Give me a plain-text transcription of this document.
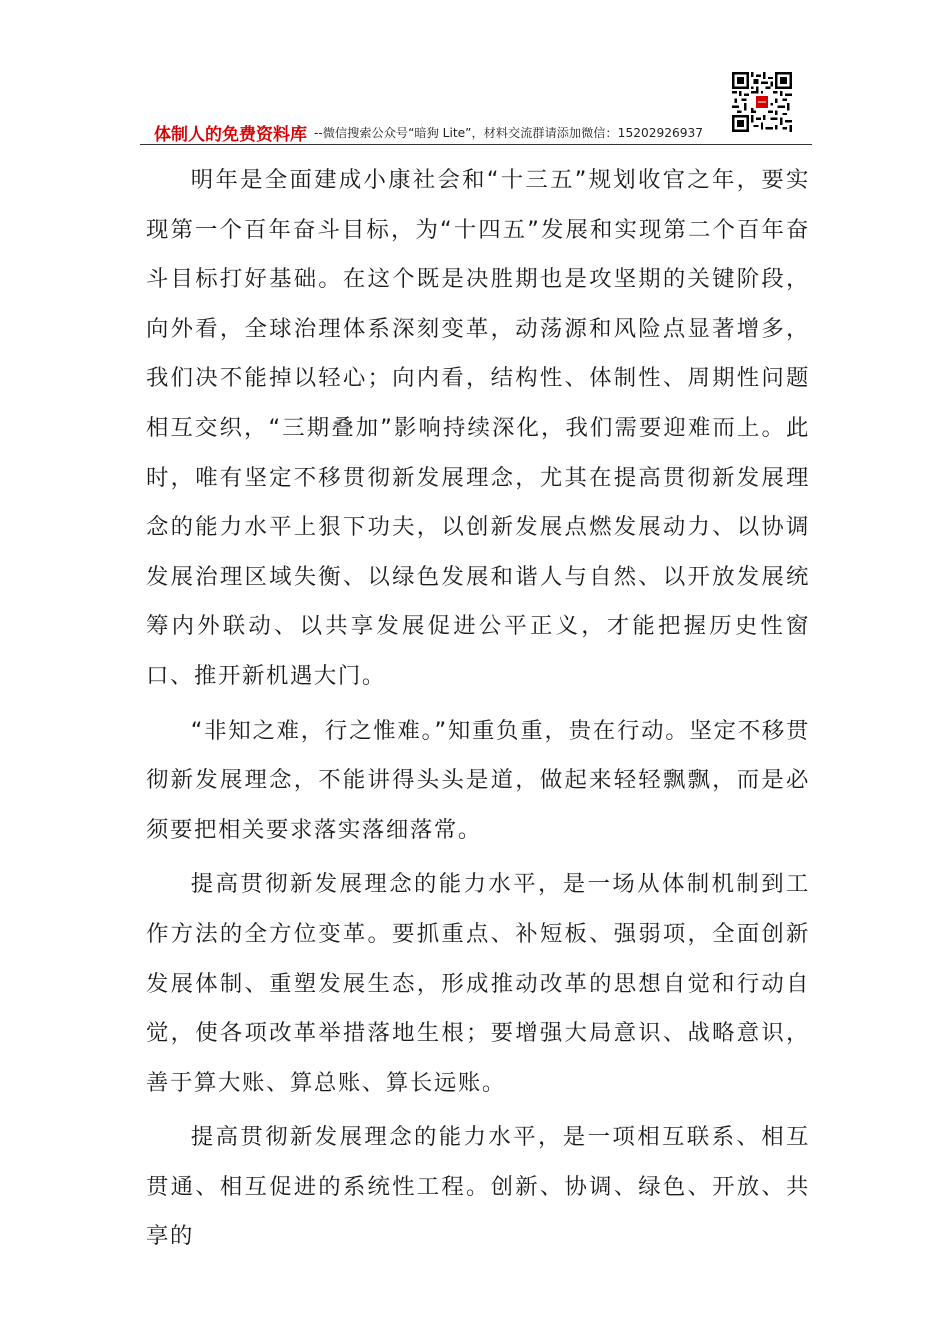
体制人的免费资料库 --微信搜索公众号“暗狗 Lite”，材料交流群请添加微信：15202926937

明年是全面建成小康社会和“十三五”规划收官之年，要实现第一个百年奋斗目标，为“十四五”发展和实现第二个百年奋斗目标打好基础。在这个既是决胜期也是攻坚期的关键阶段，向外看，全球治理体系深刻变革，动荡源和风险点显著增多，我们决不能掉以轻心；向内看，结构性、体制性、周期性问题相互交织，“三期叠加”影响持续深化，我们需要迎难而上。此时，唯有坚定不移贯彻新发展理念，尤其在提高贯彻新发展理念的能力水平上狠下功夫，以创新发展点燃发展动力、以协调发展治理区域失衡、以绿色发展和谐人与自然、以开放发展统筹内外联动、以共享发展促进公平正义，才能把握历史性窗口、推开新机遇大门。

“非知之难，行之惟难。”知重负重，贵在行动。坚定不移贯彻新发展理念，不能讲得头头是道，做起来轻轻飘飘，而是必须要把相关要求落实落细落常。

提高贯彻新发展理念的能力水平，是一场从体制机制到工作方法的全方位变革。要抓重点、补短板、强弱项，全面创新发展体制、重塑发展生态，形成推动改革的思想自觉和行动自觉，使各项改革举措落地生根；要增强大局意识、战略意识，善于算大账、算总账、算长远账。

提高贯彻新发展理念的能力水平，是一项相互联系、相互贯通、相互促进的系统性工程。创新、协调、绿色、开放、共享的
